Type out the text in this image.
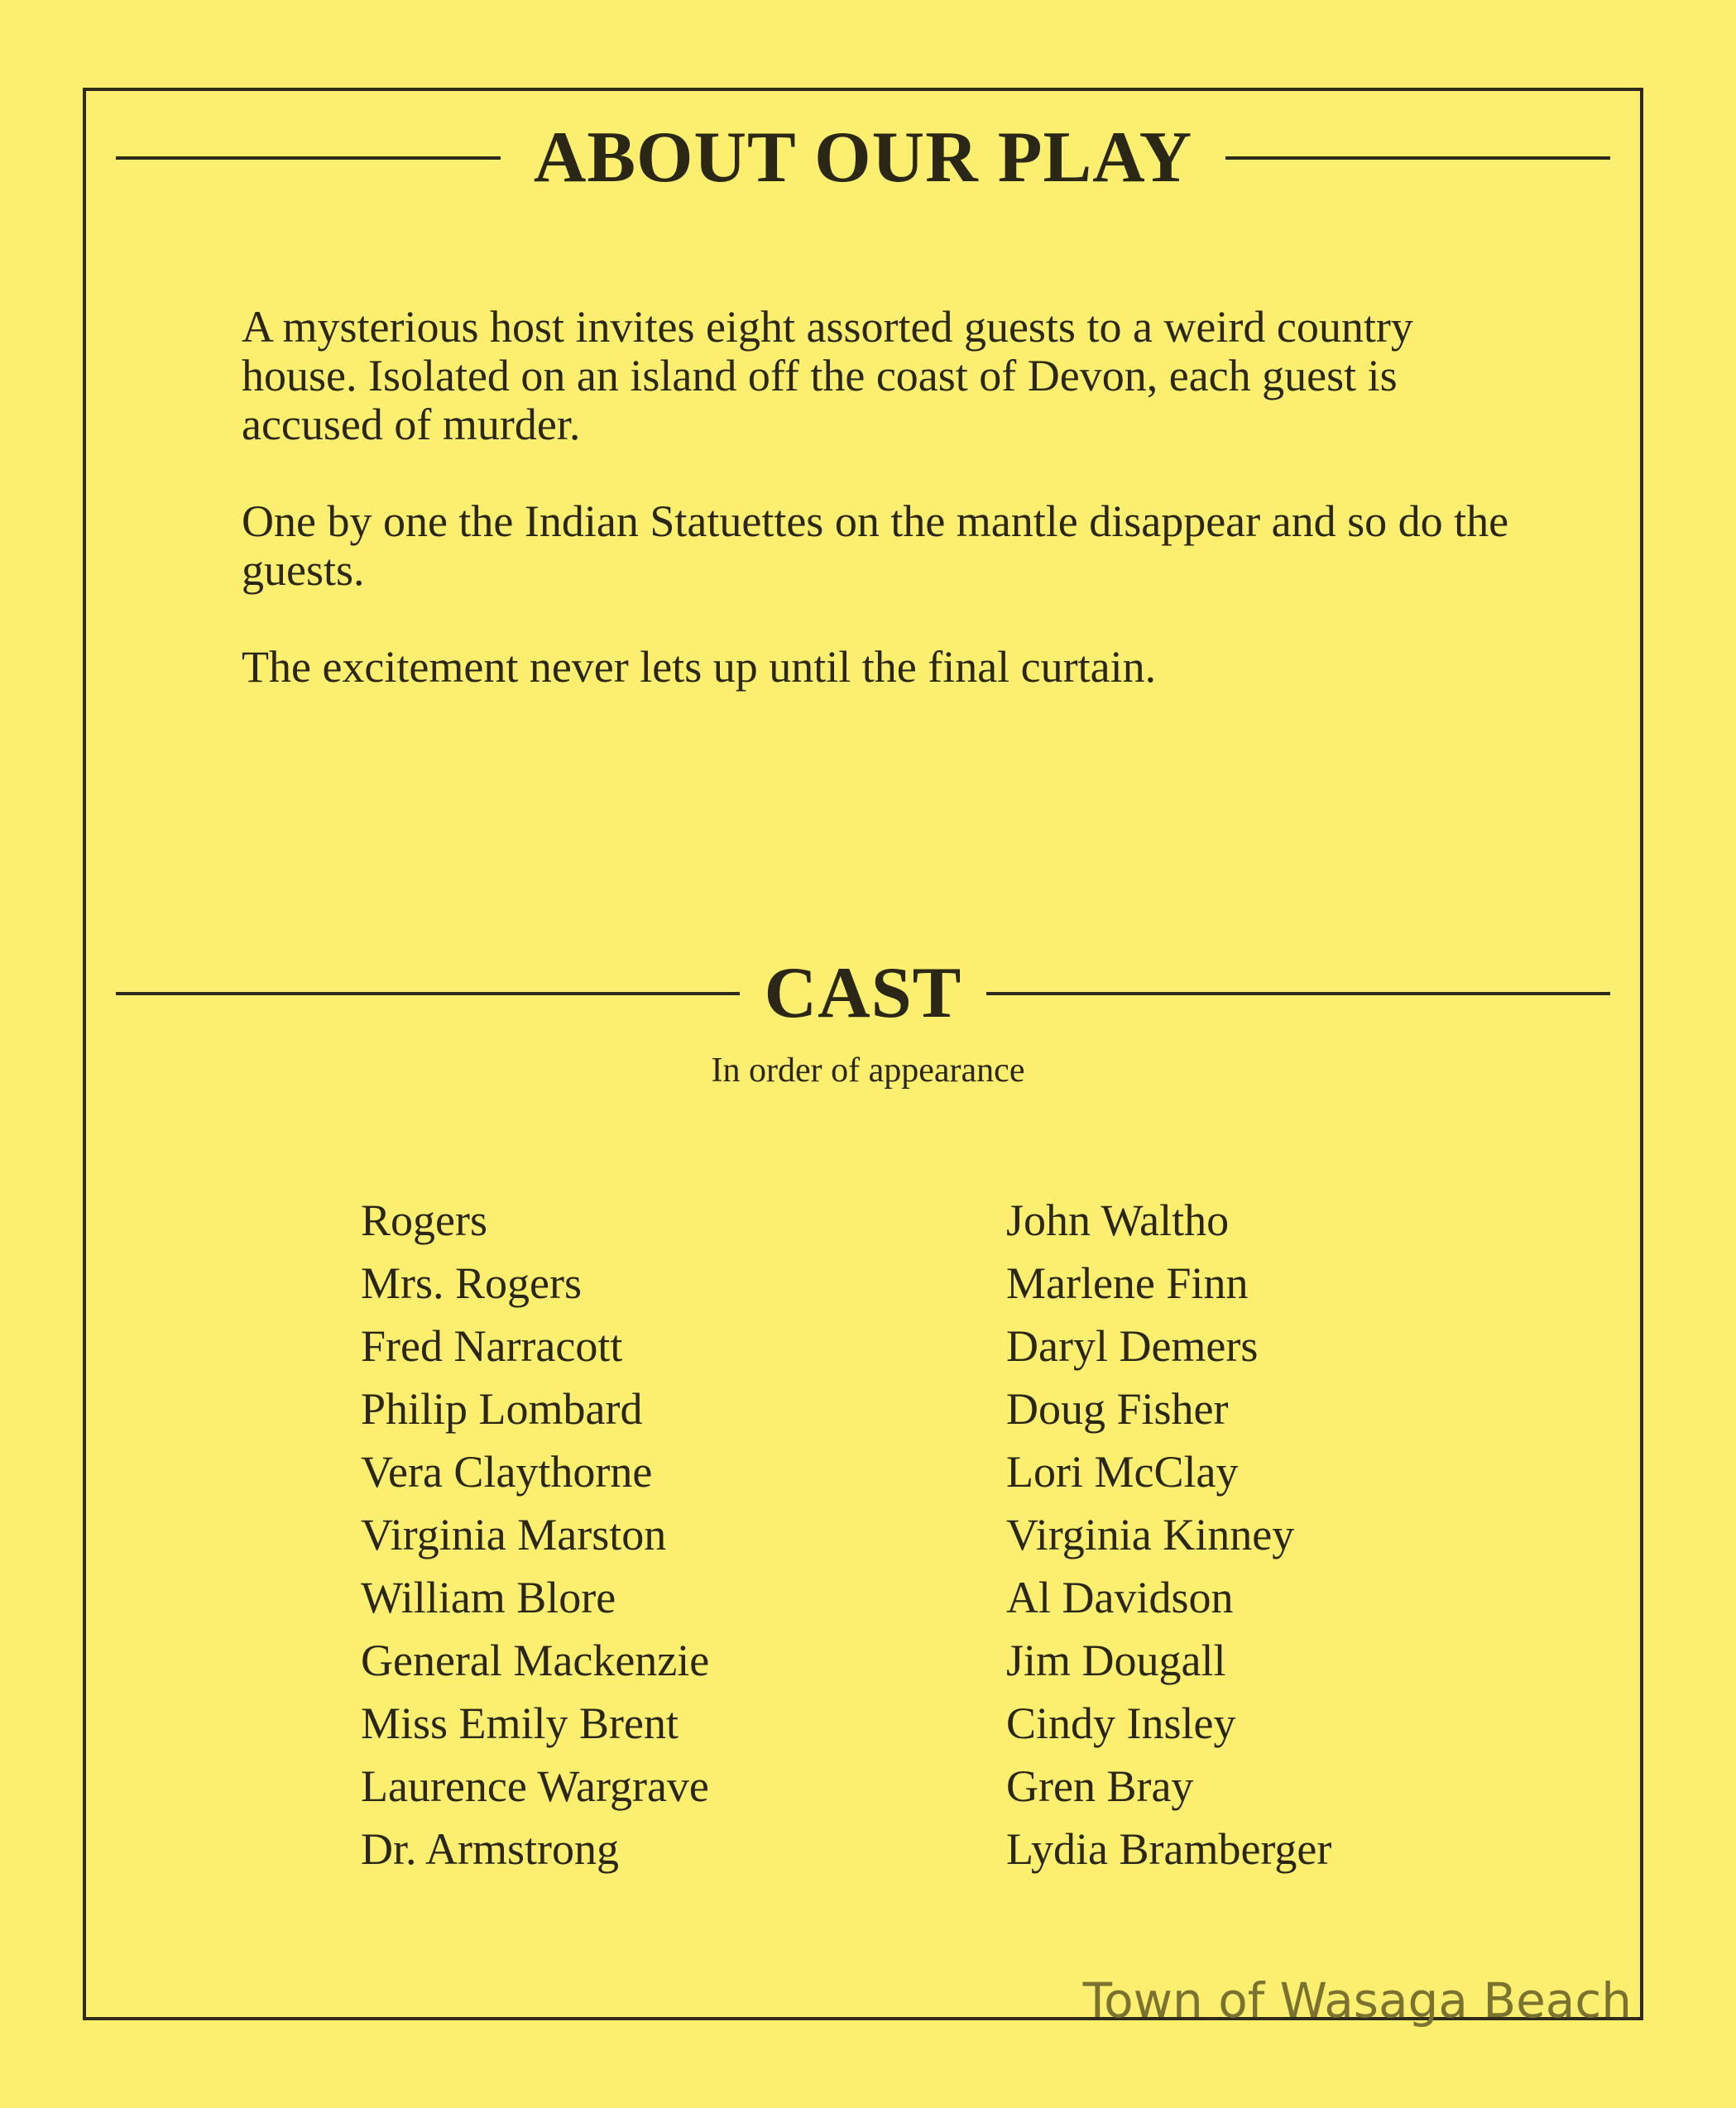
ABOUT OUR PLAY

A mysterious host invites eight assorted guests to a weird country house. Isolated on an island off the coast of Devon, each guest is accused of murder.

One by one the Indian Statuettes on the mantle disappear and so do the guests.

The excitement never lets up until the final curtain.

CAST
In order of appearance
Rogers	John Waltho
Mrs. Rogers	Marlene Finn
Fred Narracott	Daryl Demers
Philip Lombard	Doug Fisher
Vera Claythorne	Lori McClay
Virginia Marston	Virginia Kinney
William Blore	Al Davidson
General Mackenzie	Jim Dougall
Miss Emily Brent	Cindy Insley
Laurence Wargrave	Gren Bray
Dr. Armstrong	Lydia Bramberger
Town of Wasaga Beach
